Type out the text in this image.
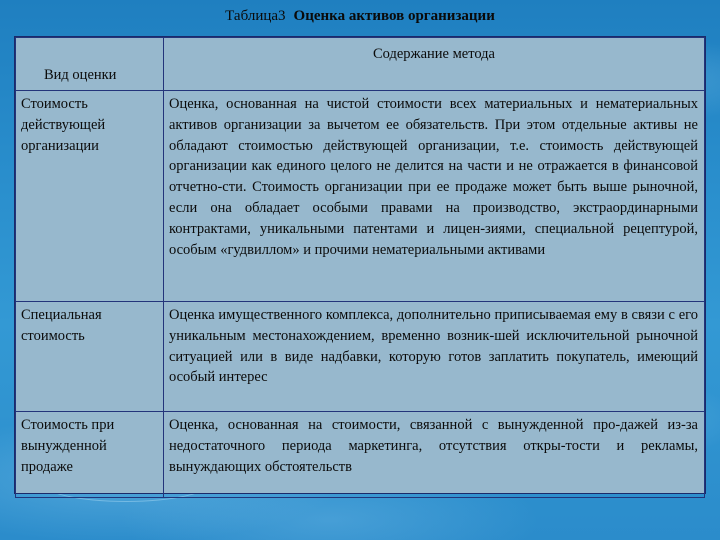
Таблица3 Оценка активов организации
Вид оценки	Содержание метода

Стоимость действующей организации	Оценка, основанная на чистой стоимости всех материальных и нематериальных активов организации за вычетом ее обязательств. При этом отдельные активы не обладают стоимостью действующей организации, т.е. стоимость действующей организации как единого целого не делится на части и не отражается в финансовой отчетно-сти. Стоимость организации при ее продаже может быть выше рыночной, если она обладает особыми правами на производство, экстраординарными контрактами, уникальными патентами и лицен-зиями, специальной рецептурой, особым «гудвиллом» и прочими нематериальными активами
Специальная стоимость	Оценка имущественного комплекса, дополнительно приписываемая ему в связи с его уникальным местонахождением, временно возник-шей исключительной рыночной ситуацией или в виде надбавки, которую готов заплатить покупатель, имеющий особый интерес
Стоимость при вынужденной продаже	Оценка, основанная на стоимости, связанной с вынужденной про-дажей из-за недостаточного периода маркетинга, отсутствия откры-тости и рекламы, вынуждающих обстоятельств
